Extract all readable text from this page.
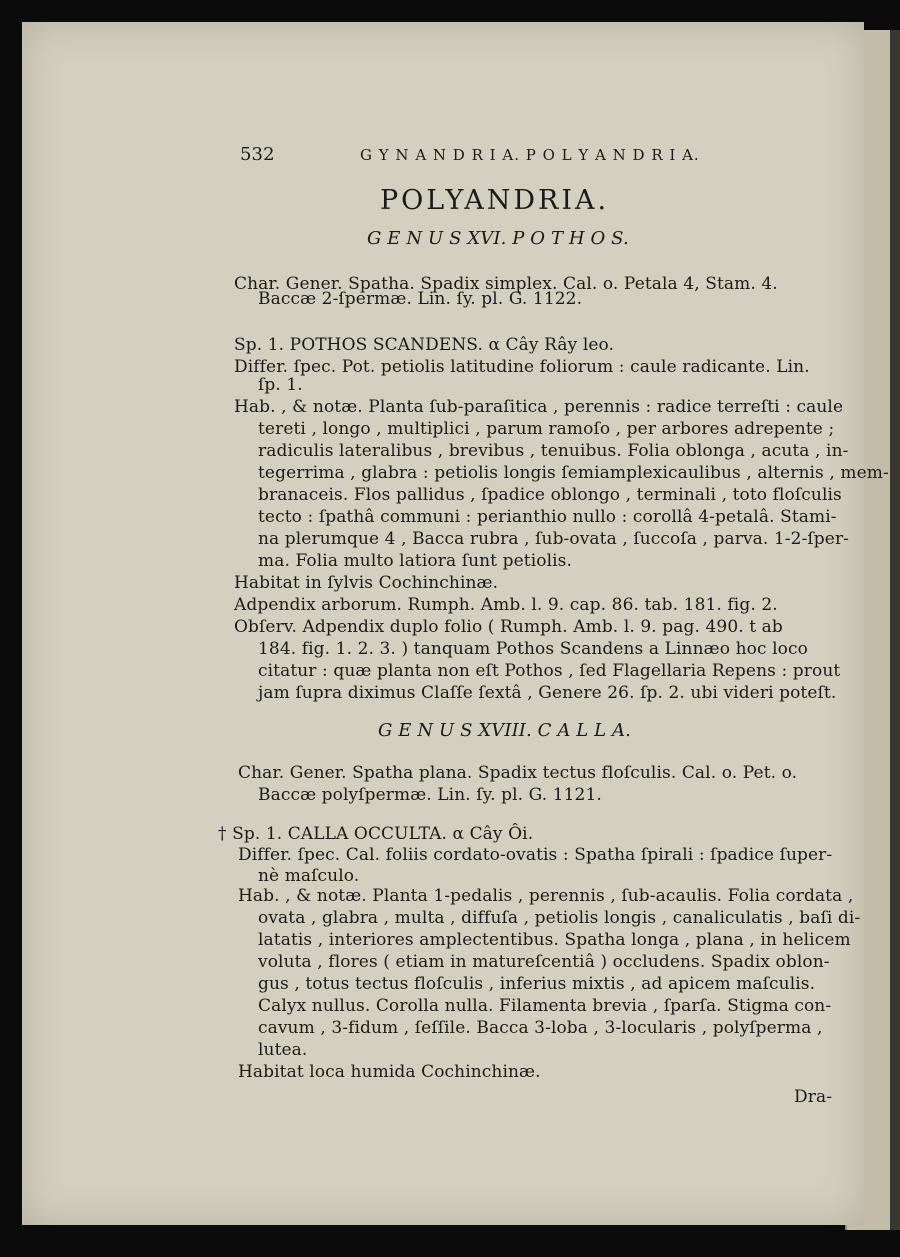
532	G Y N A N D R I A. P O L Y A N D R I A.
POLYANDRIA.
G E N U S XVI. P O T H O S.
Char. Gener. Spatha. Spadix simplex. Cal. o. Petala 4, Stam. 4.
Baccæ 2-ſpermæ. Lin. ſy. pl. G. 1122.
Sp. 1. POTHOS SCANDENS. α Cây Rây leo.
Differ. ſpec. Pot. petiolis latitudine foliorum : caule radicante. Lin.
ſp. 1.
Hab. , & notæ. Planta ſub-paraſitica , perennis : radice terreſti : caule
tereti , longo , multiplici , parum ramoſo , per arbores adrepente ;
radiculis lateralibus , brevibus , tenuibus. Folia oblonga , acuta , in-
tegerrima , glabra : petiolis longis ſemiamplexicaulibus , alternis , mem-
branaceis. Flos pallidus , ſpadice oblongo , terminali , toto floſculis
tecto : ſpathâ communi : perianthio nullo : corollâ 4-petalâ. Stami-
na plerumque 4 , Bacca rubra , ſub-ovata , ſuccoſa , parva. 1-2-ſper-
ma. Folia multo latiora ſunt petiolis.
Habitat in ſylvis Cochinchinæ.
Adpendix arborum. Rumph. Amb. l. 9. cap. 86. tab. 181. fig. 2.
Obſerv. Adpendix duplo folio ( Rumph. Amb. l. 9. pag. 490. t ab
184. fig. 1. 2. 3. ) tanquam Pothos Scandens a Linnæo hoc loco
citatur : quæ planta non eſt Pothos , ſed Flagellaria Repens : prout
jam ſupra diximus Claſſe ſextâ , Genere 26. ſp. 2. ubi videri poteſt.
G E N U S XVIII. C A L L A.
Char. Gener. Spatha plana. Spadix tectus floſculis. Cal. o. Pet. o.
Baccæ polyſpermæ. Lin. ſy. pl. G. 1121.
† Sp. 1. CALLA OCCULTA. α Cây Ôi.
Differ. ſpec. Cal. foliis cordato-ovatis : Spatha ſpirali : ſpadice ſuper-
nè maſculo.
Hab. , & notæ. Planta 1-pedalis , perennis , ſub-acaulis. Folia cordata ,
ovata , glabra , multa , diffuſa , petiolis longis , canaliculatis , baſi di-
latatis , interiores amplectentibus. Spatha longa , plana , in helicem
voluta , flores ( etiam in matureſcentiâ ) occludens. Spadix oblon-
gus , totus tectus floſculis , inferius mixtis , ad apicem maſculis.
Calyx nullus. Corolla nulla. Filamenta brevia , ſparſa. Stigma con-
cavum , 3-fidum , ſeſſile. Bacca 3-loba , 3-locularis , polyſperma ,
lutea.
Habitat loca humida Cochinchinæ.
Dra-
